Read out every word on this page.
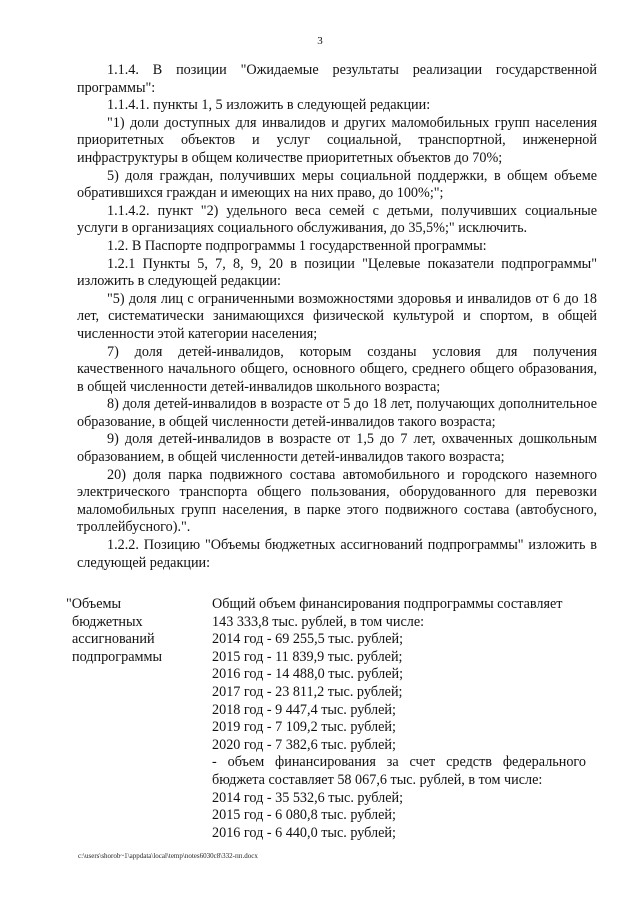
3

1.1.4. В позиции "Ожидаемые результаты реализации государственной программы":

1.1.4.1. пункты 1, 5 изложить в следующей редакции:

"1) доли доступных для инвалидов и других маломобильных групп населения приоритетных объектов и услуг социальной, транспортной, инженерной инфраструктуры в общем количестве приоритетных объектов до 70%;

5) доля граждан, получивших меры социальной поддержки, в общем объеме обратившихся граждан и имеющих на них право, до 100%;";

1.1.4.2. пункт "2) удельного веса семей с детьми, получивших социальные услуги в организациях социального обслуживания, до 35,5%;" исключить.

1.2. В Паспорте подпрограммы 1 государственной программы:

1.2.1 Пункты 5, 7, 8, 9, 20 в позиции "Целевые показатели подпрограммы" изложить в следующей редакции:

"5) доля лиц с ограниченными возможностями здоровья и инвалидов от 6 до 18 лет, систематически занимающихся физической культурой и спортом, в общей численности этой категории населения;

7) доля детей-инвалидов, которым созданы условия для получения качественного начального общего, основного общего, среднего общего образования, в общей численности детей-инвалидов школьного возраста;

8) доля детей-инвалидов в возрасте от 5 до 18 лет, получающих дополнительное образование, в общей численности детей-инвалидов такого возраста;

9) доля детей-инвалидов в возрасте от 1,5 до 7 лет, охваченных дошкольным образованием, в общей численности детей-инвалидов такого возраста;

20) доля парка подвижного состава автомобильного и городского наземного электрического транспорта общего пользования, оборудованного для перевозки маломобильных групп населения, в парке этого подвижного состава (автобусного, троллейбусного).".

1.2.2. Позицию "Объемы бюджетных ассигнований подпрограммы" изложить в следующей редакции:

"Объемы
бюджетных
ассигнований
подпрограммы
Общий объем финансирования подпрограммы составляет
143 333,8 тыс. рублей, в том числе:
2014 год - 69 255,5 тыс. рублей;
2015 год - 11 839,9 тыс. рублей;
2016 год - 14 488,0 тыс. рублей;
2017 год - 23 811,2 тыс. рублей;
2018 год - 9 447,4 тыс. рублей;
2019 год - 7 109,2 тыс. рублей;
2020 год - 7 382,6 тыс. рублей;
- объем финансирования за счет средств федерального бюджета составляет 58 067,6 тыс. рублей, в том числе:
2014 год - 35 532,6 тыс. рублей;
2015 год - 6 080,8 тыс. рублей;
2016 год - 6 440,0 тыс. рублей;
c:\users\shorob~1\appdata\local\temp\notes6030c8\332-пп.docx
